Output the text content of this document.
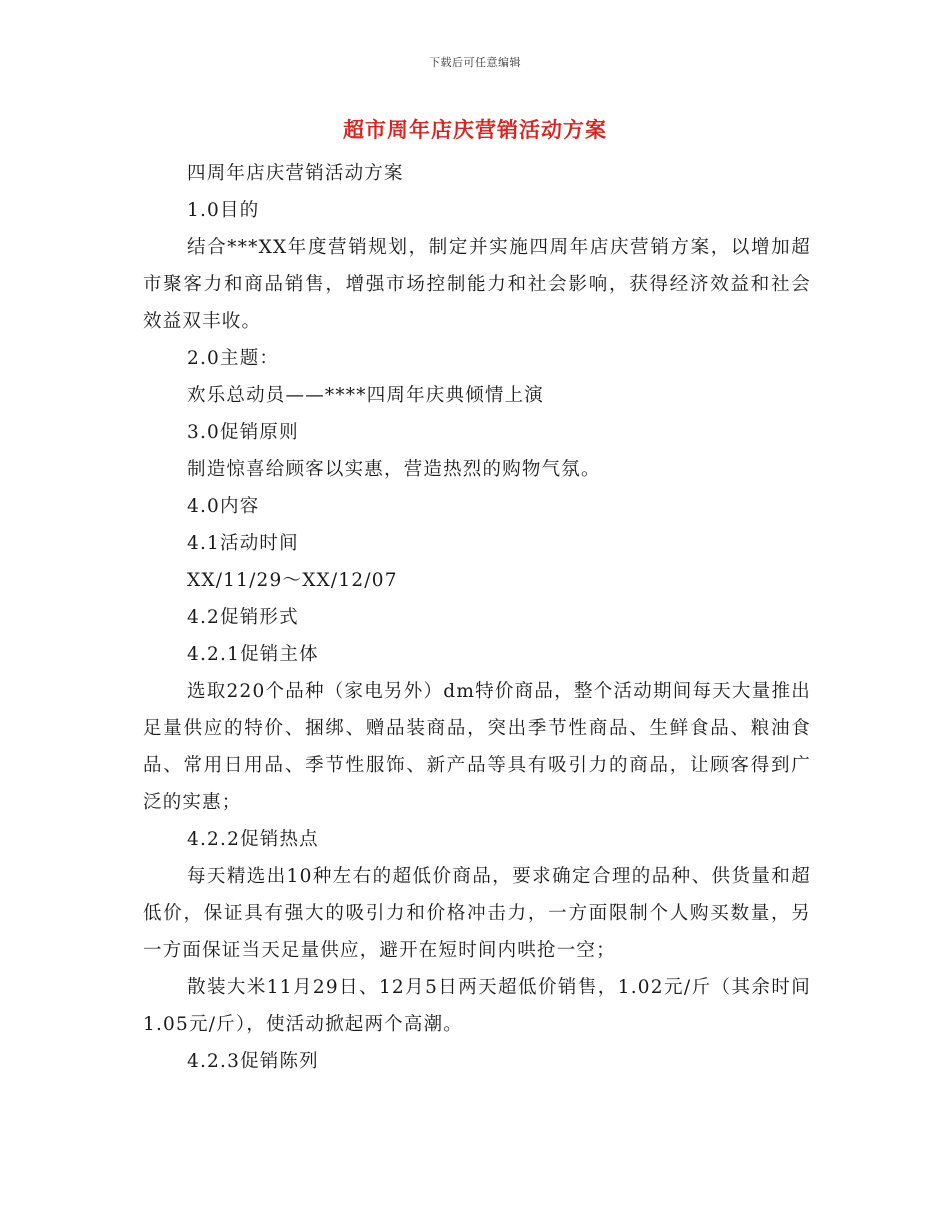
下载后可任意编辑
超市周年店庆营销活动方案

四周年店庆营销活动方案

1.0目的

结合***XX年度营销规划，制定并实施四周年店庆营销方案，以增加超市聚客力和商品销售，增强市场控制能力和社会影响，获得经济效益和社会效益双丰收。

2.0主题：

欢乐总动员——****四周年庆典倾情上演

3.0促销原则

制造惊喜给顾客以实惠，营造热烈的购物气氛。

4.0内容

4.1活动时间

XX/11/29～XX/12/07

4.2促销形式

4.2.1促销主体

选取220个品种（家电另外）dm特价商品，整个活动期间每天大量推出足量供应的特价、捆绑、赠品装商品，突出季节性商品、生鲜食品、粮油食品、常用日用品、季节性服饰、新产品等具有吸引力的商品，让顾客得到广泛的实惠；

4.2.2促销热点

每天精选出10种左右的超低价商品，要求确定合理的品种、供货量和超低价，保证具有强大的吸引力和价格冲击力，一方面限制个人购买数量，另一方面保证当天足量供应，避开在短时间内哄抢一空；

散装大米11月29日、12月5日两天超低价销售，1.02元/斤（其余时间1.05元/斤），使活动掀起两个高潮。

4.2.3促销陈列
